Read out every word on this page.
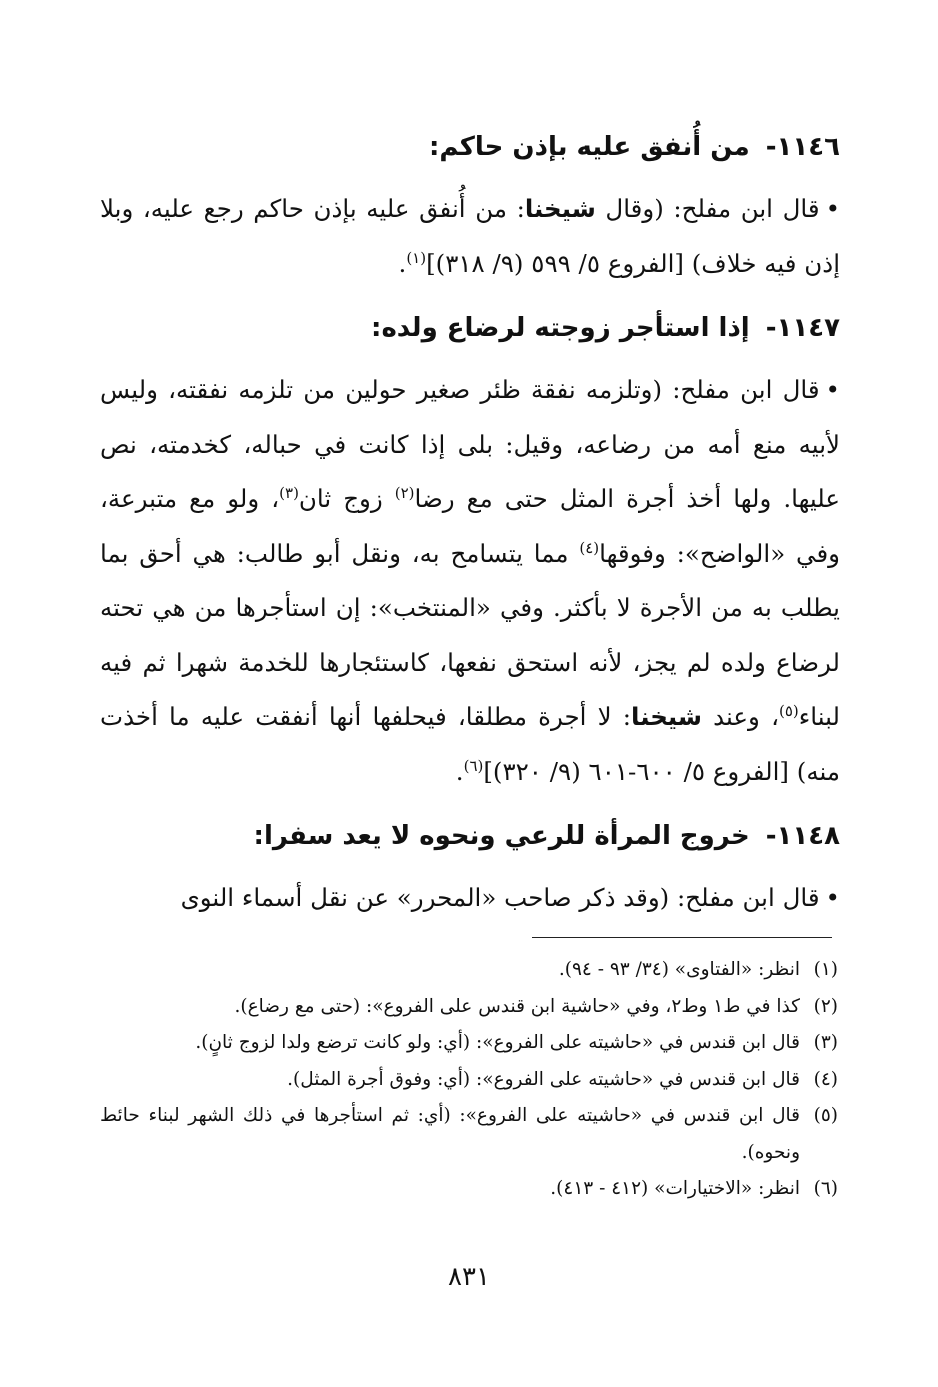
١١٤٦-من أُنفق عليه بإذن حاكم:

•قال ابن مفلح: (وقال شيخنا: من أُنفق عليه بإذن حاكم رجع عليه، وبلا إذن فيه خلاف) [الفروع ٥/ ٥٩٩ (٩/ ٣١٨)]$^{(١)}$.

١١٤٧-إذا استأجر زوجته لرضاع ولده:

•قال ابن مفلح: (وتلزمه نفقة ظئر صغير حولين من تلزمه نفقته، وليس لأبيه منع أمه من رضاعه، وقيل: بلى إذا كانت في حباله، كخدمته، نص عليها. ولها أخذ أجرة المثل حتى مع رضا$^{(٢)}$ زوج ثان$^{(٣)}$، ولو مع متبرعة، وفي «الواضح»: وفوقها$^{(٤)}$ مما يتسامح به، ونقل أبو طالب: هي أحق بما يطلب به من الأجرة لا بأكثر. وفي «المنتخب»: إن استأجرها من هي تحته لرضاع ولده لم يجز، لأنه استحق نفعها، كاستئجارها للخدمة شهرا ثم فيه لبناء$^{(٥)}$، وعند شيخنا: لا أجرة مطلقا، فيحلفها أنها أنفقت عليه ما أخذت منه) [الفروع ٥/ ٦٠٠-٦٠١ (٩/ ٣٢٠)]$^{(٦)}$.

١١٤٨-خروج المرأة للرعي ونحوه لا يعد سفرا:

•قال ابن مفلح: (وقد ذكر صاحب «المحرر» عن نقل أسماء النوى

(١)
انظر: «الفتاوى» (٣٤/ ٩٣ - ٩٤).
(٢)
كذا في ط١ وط٢، وفي «حاشية ابن قندس على الفروع»: (حتى مع رضاع).
(٣)
قال ابن قندس في «حاشيته على الفروع»: (أي: ولو كانت ترضع ولدا لزوج ثانٍ).
(٤)
قال ابن قندس في «حاشيته على الفروع»: (أي: وفوق أجرة المثل).
(٥)
قال ابن قندس في «حاشيته على الفروع»: (أي: ثم استأجرها في ذلك الشهر لبناء حائط ونحوه).
(٦)
انظر: «الاختيارات» (٤١٢ - ٤١٣).
٨٣١
